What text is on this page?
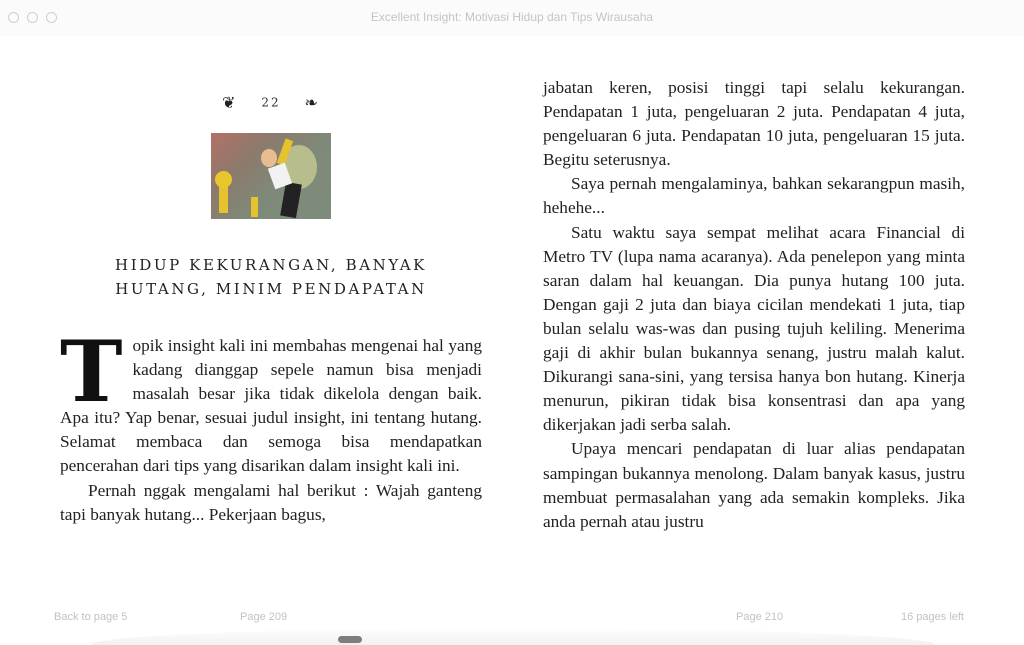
Excellent Insight: Motivasi Hidup dan Tips Wirausaha
❦ 22 ❧
HIDUP KEKURANGAN, BANYAK
HUTANG, MINIM PENDAPATAN

Topik insight kali ini membahas mengenai hal yang kadang dianggap sepele namun bisa menjadi masalah besar jika tidak dikelola dengan baik. Apa itu? Yap benar, sesuai judul insight, ini tentang hutang. Selamat membaca dan semoga bisa mendapatkan pencerahan dari tips yang disarikan dalam insight kali ini.

Pernah nggak mengalami hal berikut : Wajah ganteng tapi banyak hutang... Pekerjaan bagus,

jabatan keren, posisi tinggi tapi selalu kekurangan. Pendapatan 1 juta, pengeluaran 2 juta. Pendapatan 4 juta, pengeluaran 6 juta. Pendapatan 10 juta, pengeluaran 15 juta. Begitu seterusnya.

Saya pernah mengalaminya, bahkan sekarangpun masih, hehehe...

Satu waktu saya sempat melihat acara Financial di Metro TV (lupa nama acaranya). Ada penelepon yang minta saran dalam hal keuangan. Dia punya hutang 100 juta. Dengan gaji 2 juta dan biaya cicilan mendekati 1 juta, tiap bulan selalu was-was dan pusing tujuh keliling. Menerima gaji di akhir bulan bukannya senang, justru malah kalut. Dikurangi sana-sini, yang tersisa hanya bon hutang. Kinerja menurun, pikiran tidak bisa konsentrasi dan apa yang dikerjakan jadi serba salah.

Upaya mencari pendapatan di luar alias pendapatan sampingan bukannya menolong. Dalam banyak kasus, justru membuat permasalahan yang ada semakin kompleks. Jika anda pernah atau justru

Back to page 5	Page 209	Page 210	16 pages left
